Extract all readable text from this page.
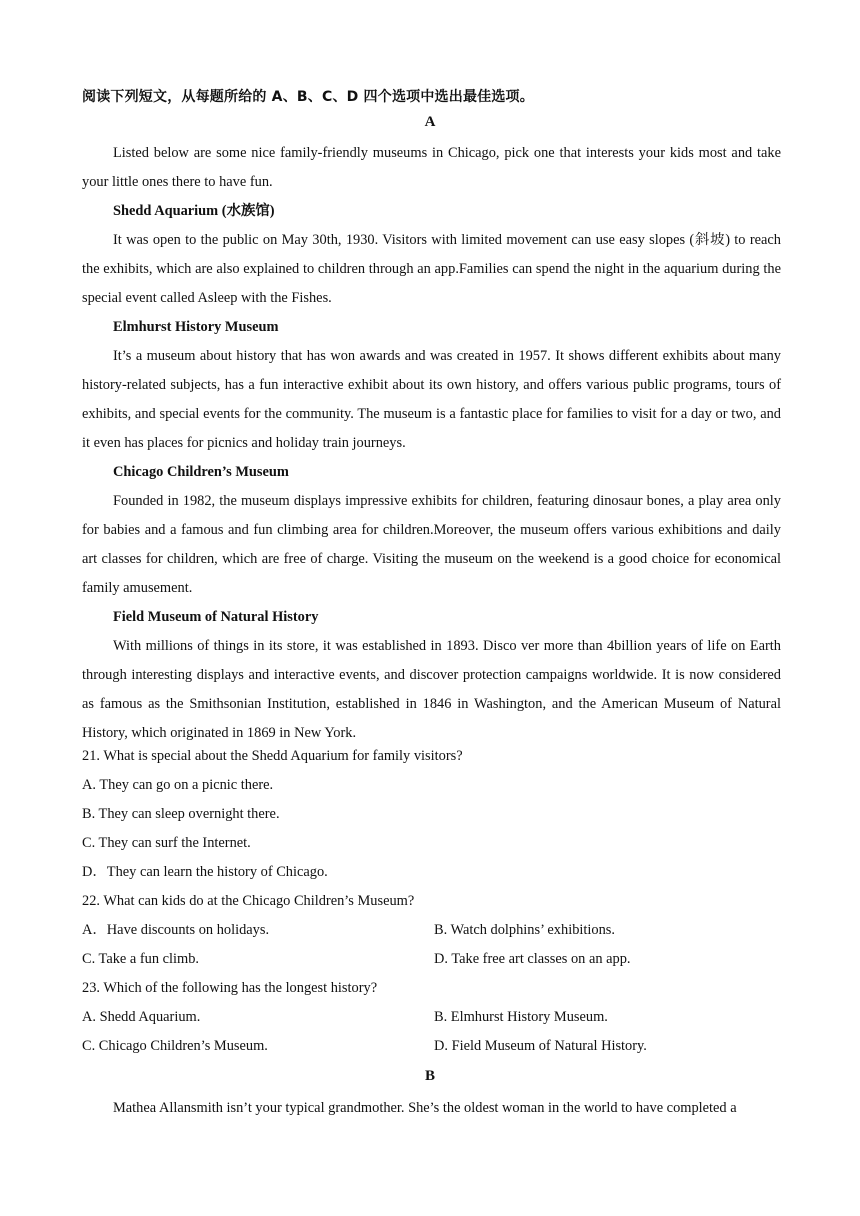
阅读下列短文，从每题所给的 A、B、C、D 四个选项中选出最佳选项。
A

Listed below are some nice family-friendly museums in Chicago, pick one that interests your kids most and take your little ones there to have fun.

Shedd Aquarium (水族馆)

It was open to the public on May 30th, 1930. Visitors with limited movement can use easy slopes (斜坡) to reach the exhibits, which are also explained to children through an app.Families can spend the night in the aquarium during the special event called Asleep with the Fishes.

Elmhurst History Museum

It’s a museum about history that has won awards and was created in 1957. It shows different exhibits about many history-related subjects, has a fun interactive exhibit about its own history, and offers various public programs, tours of exhibits, and special events for the community. The museum is a fantastic place for families to visit for a day or two, and it even has places for picnics and holiday train journeys.

Chicago Children’s Museum

Founded in 1982, the museum displays impressive exhibits for children, featuring dinosaur bones, a play area only for babies and a famous and fun climbing area for children.Moreover, the museum offers various exhibitions and daily art classes for children, which are free of charge. Visiting the museum on the weekend is a good choice for economical family amusement.

Field Museum of Natural History

With millions of things in its store, it was established in 1893. Disco ver more than 4billion years of life on Earth through interesting displays and interactive events, and discover protection campaigns worldwide. It is now considered as famous as the Smithsonian Institution, established in 1846 in Washington, and the American Museum of Natural History, which originated in 1869 in New York.

21. What is special about the Shedd Aquarium for family visitors?
A. They can go on a picnic there.
B. They can sleep overnight there.
C. They can surf the Internet.
D．They can learn the history of Chicago.
22. What can kids do at the Chicago Children’s Museum?
A．Have discounts on holidays.	B. Watch dolphins’ exhibitions.
C. Take a fun climb.	D. Take free art classes on an app.
23. Which of the following has the longest history?
A. Shedd Aquarium.	B. Elmhurst History Museum.
C. Chicago Children’s Museum.	D. Field Museum of Natural History.
B

Mathea Allansmith isn’t your typical grandmother. She’s the oldest woman in the world to have completed a
